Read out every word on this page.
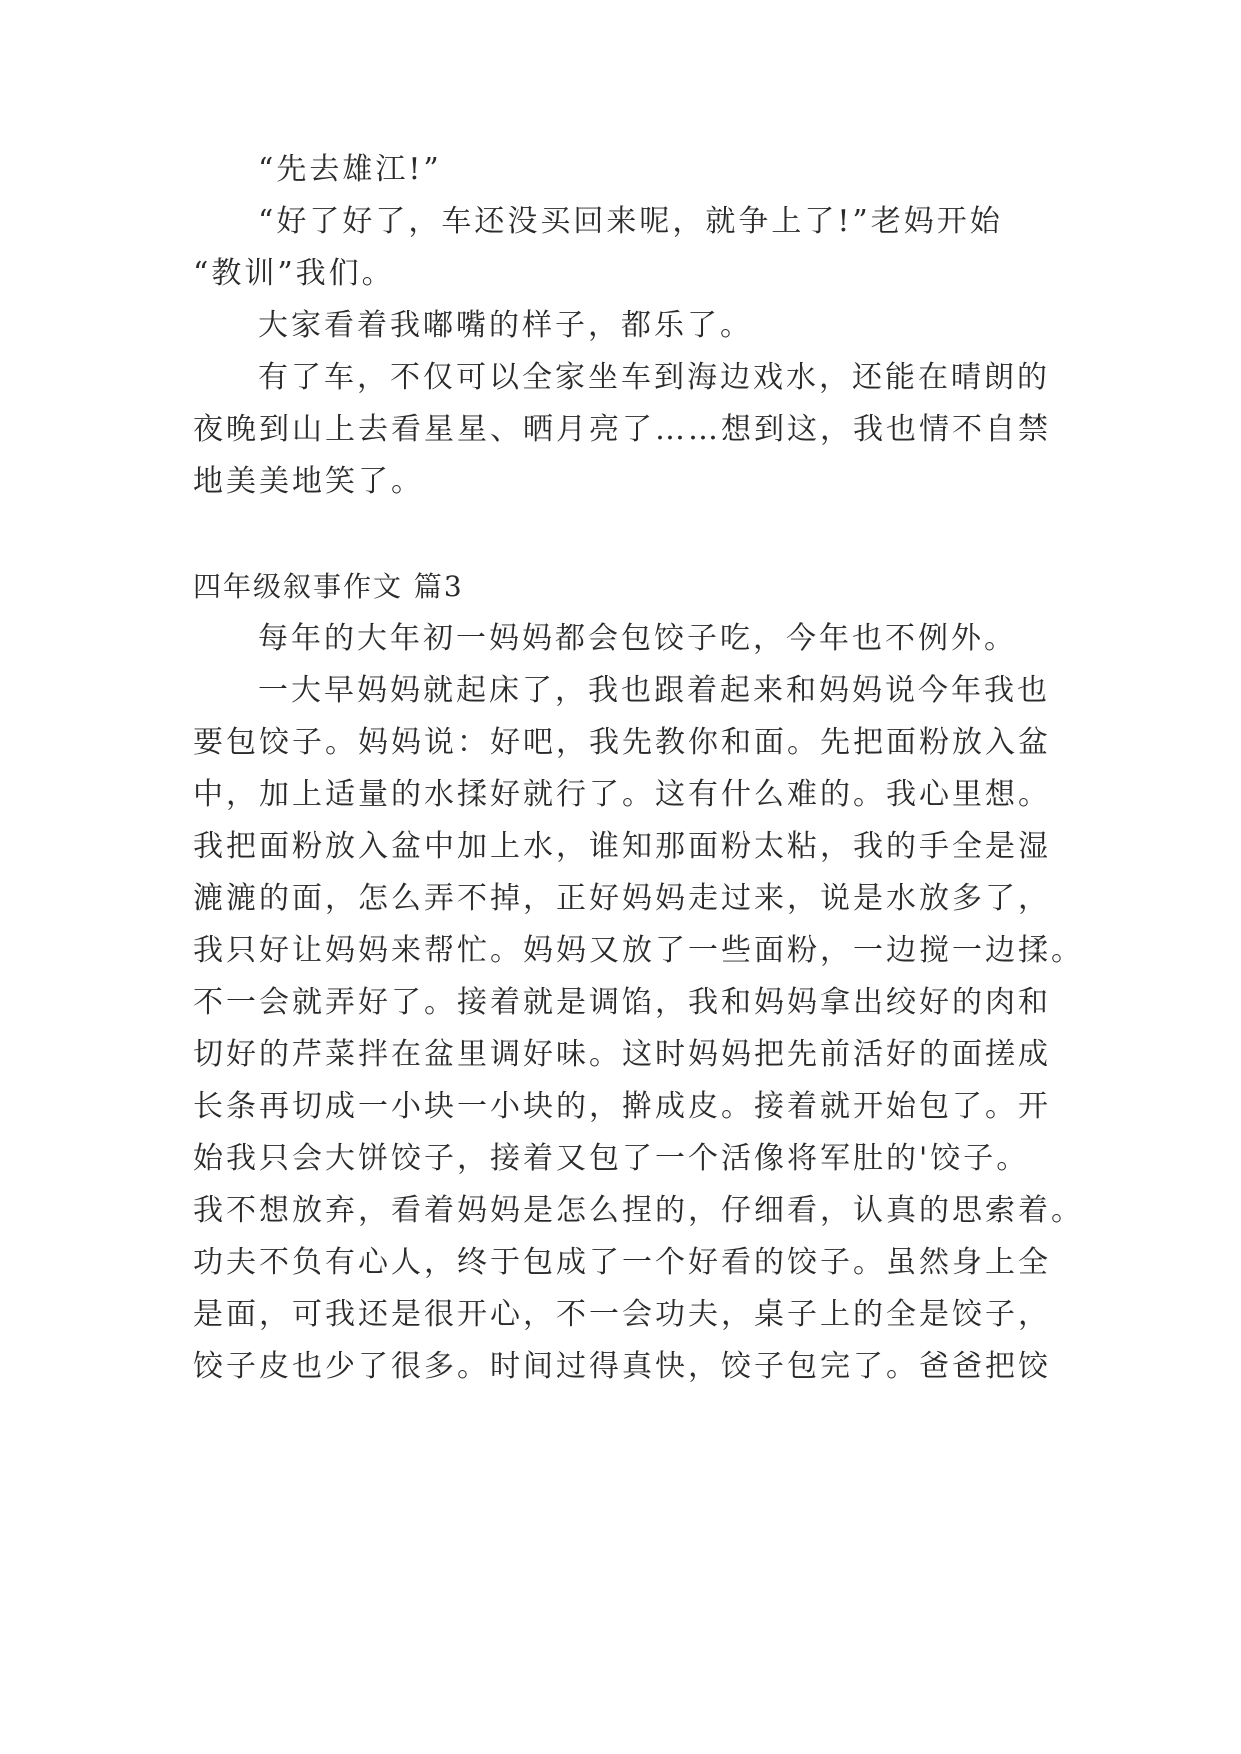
“先去雄江!”
“好了好了，车还没买回来呢，就争上了!”老妈开始
“教训”我们。
大家看着我嘟嘴的样子，都乐了。
有了车，不仅可以全家坐车到海边戏水，还能在晴朗的
夜晚到山上去看星星、晒月亮了……想到这，我也情不自禁
地美美地笑了。
四年级叙事作文 篇3
每年的大年初一妈妈都会包饺子吃，今年也不例外。
一大早妈妈就起床了，我也跟着起来和妈妈说今年我也
要包饺子。妈妈说：好吧，我先教你和面。先把面粉放入盆
中，加上适量的水揉好就行了。这有什么难的。我心里想。
我把面粉放入盆中加上水，谁知那面粉太粘，我的手全是湿
漉漉的面，怎么弄不掉，正好妈妈走过来，说是水放多了，
我只好让妈妈来帮忙。妈妈又放了一些面粉，一边搅一边揉。
不一会就弄好了。接着就是调馅，我和妈妈拿出绞好的肉和
切好的芹菜拌在盆里调好味。这时妈妈把先前活好的面搓成
长条再切成一小块一小块的，擀成皮。接着就开始包了。开
始我只会大饼饺子，接着又包了一个活像将军肚的'饺子。
我不想放弃，看着妈妈是怎么捏的，仔细看，认真的思索着。
功夫不负有心人，终于包成了一个好看的饺子。虽然身上全
是面，可我还是很开心，不一会功夫，桌子上的全是饺子，
饺子皮也少了很多。时间过得真快，饺子包完了。爸爸把饺
